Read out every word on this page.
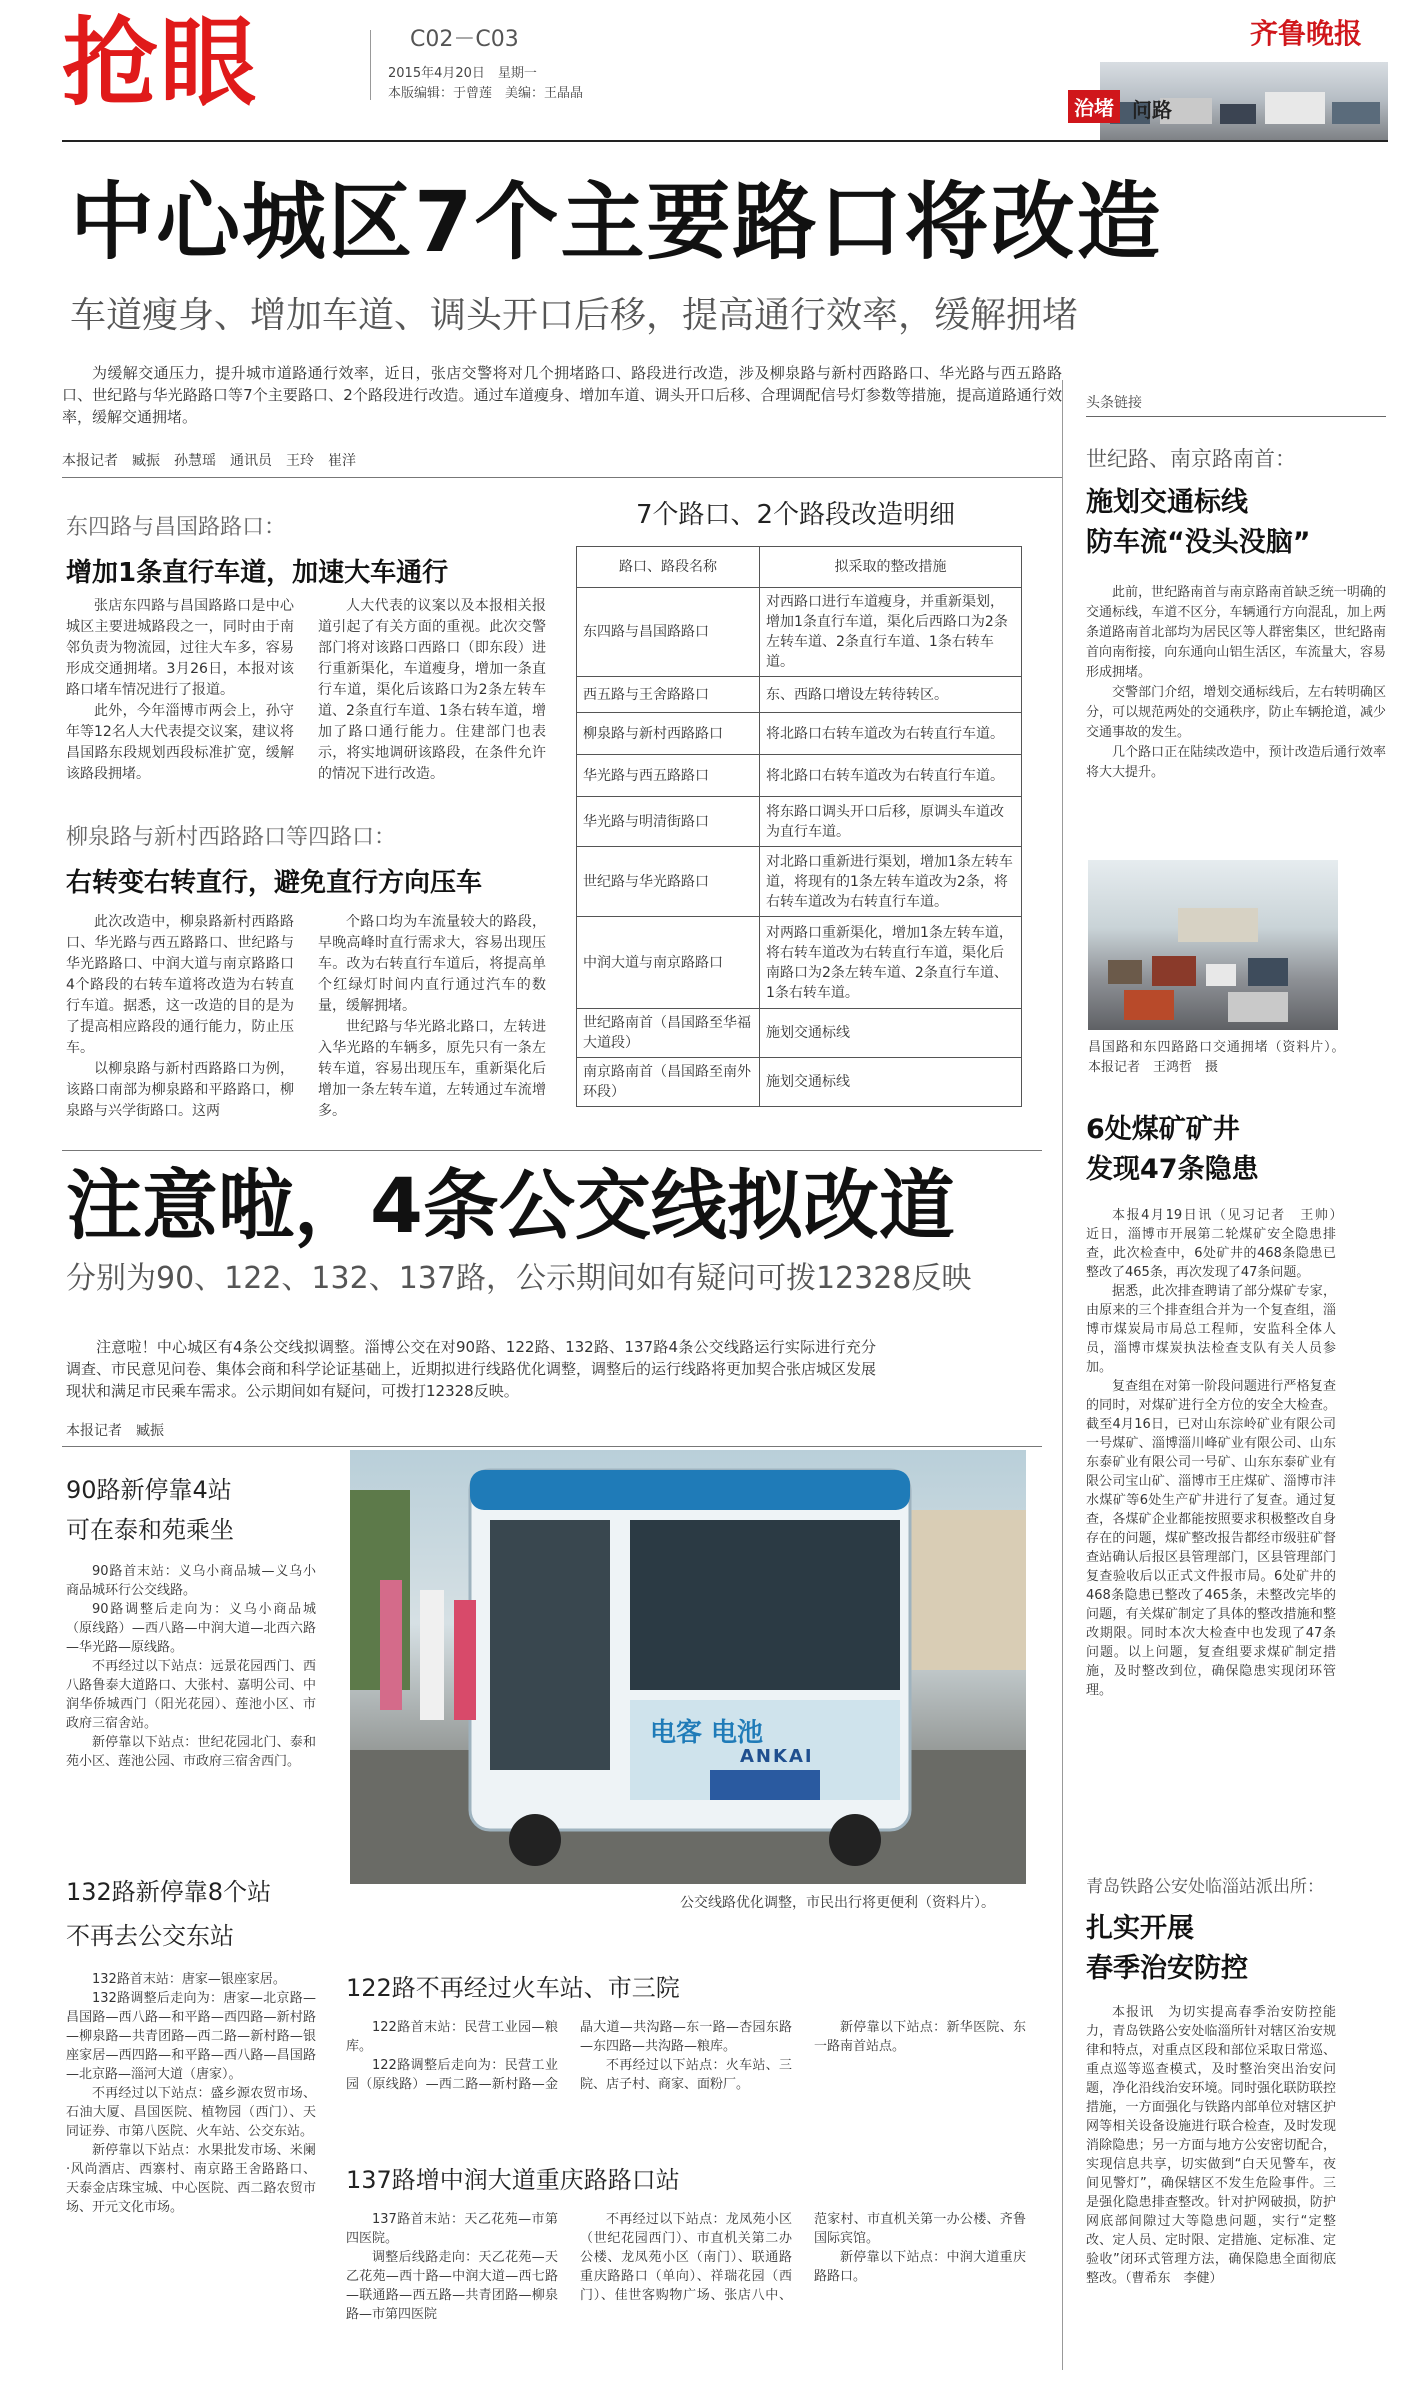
抢眼	C02－C03
2015年4月20日　星期一
本版编辑：于曾莲　美编：王晶晶
齐鲁晚报
治堵 问路
中心城区7个主要路口将改造
车道瘦身、增加车道、调头开口后移，提高通行效率，缓解拥堵

为缓解交通压力，提升城市道路通行效率，近日，张店交警将对几个拥堵路口、路段进行改造，涉及柳泉路与新村西路路口、华光路与西五路路口、世纪路与华光路路口等7个主要路口、2个路段进行改造。通过车道瘦身、增加车道、调头开口后移、合理调配信号灯参数等措施，提高道路通行效率，缓解交通拥堵。

本报记者　臧振　孙慧瑶　通讯员　王玲　崔洋
东四路与昌国路路口：
增加1条直行车道，加速大车通行

张店东四路与昌国路路口是中心城区主要进城路段之一，同时由于南邻负责为物流园，过往大车多，容易形成交通拥堵。3月26日，本报对该路口堵车情况进行了报道。

此外，今年淄博市两会上，孙守年等12名人大代表提交议案，建议将昌国路东段规划西段标准扩宽，缓解该路段拥堵。

人大代表的议案以及本报相关报道引起了有关方面的重视。此次交警部门将对该路口西路口（即东段）进行重新渠化，车道瘦身，增加一条直行车道，渠化后该路口为2条左转车道、2条直行车道、1条右转车道，增加了路口通行能力。住建部门也表示，将实地调研该路段，在条件允许的情况下进行改造。

柳泉路与新村西路路口等四路口：
右转变右转直行，避免直行方向压车

此次改造中，柳泉路新村西路路口、华光路与西五路路口、世纪路与华光路路口、中润大道与南京路路口4个路段的右转车道将改造为右转直行车道。据悉，这一改造的目的是为了提高相应路段的通行能力，防止压车。

以柳泉路与新村西路路口为例，该路口南部为柳泉路和平路路口，柳泉路与兴学街路口。这两

个路口均为车流量较大的路段，早晚高峰时直行需求大，容易出现压车。改为右转直行车道后，将提高单个红绿灯时间内直行通过汽车的数量，缓解拥堵。

世纪路与华光路北路口，左转进入华光路的车辆多，原先只有一条左转车道，容易出现压车，重新渠化后增加一条左转车道，左转通过车流增多。

7个路口、2个路段改造明细
路口、路段名称	拟采取的整改措施
东四路与昌国路路口	对西路口进行车道瘦身，并重新渠划，增加1条直行车道，渠化后西路口为2条左转车道、2条直行车道、1条右转车道。
西五路与王舍路路口	东、西路口增设左转待转区。
柳泉路与新村西路路口	将北路口右转车道改为右转直行车道。
华光路与西五路路口	将北路口右转车道改为右转直行车道。
华光路与明清街路口	将东路口调头开口后移，原调头车道改为直行车道。
世纪路与华光路路口	对北路口重新进行渠划，增加1条左转车道，将现有的1条左转车道改为2条，将右转车道改为右转直行车道。
中润大道与南京路路口	对两路口重新渠化，增加1条左转车道，将右转车道改为右转直行车道，渠化后南路口为2条左转车道、2条直行车道、1条右转车道。
世纪路南首（昌国路至华福大道段）	施划交通标线
南京路南首（昌国路至南外环段）	施划交通标线
头条链接
世纪路、南京路南首：
施划交通标线
防车流“没头没脑”

此前，世纪路南首与南京路南首缺乏统一明确的交通标线，车道不区分，车辆通行方向混乱，加上两条道路南首北部均为居民区等人群密集区，世纪路南首向南衔接，向东通向山铝生活区，车流量大，容易形成拥堵。

交警部门介绍，增划交通标线后，左右转明确区分，可以规范两处的交通秩序，防止车辆抢道，减少交通事故的发生。

几个路口正在陆续改造中，预计改造后通行效率将大大提升。

昌国路和东四路路口交通拥堵（资料片）。　本报记者　王鸿哲　摄

6处煤矿矿井
发现47条隐患

本报4月19日讯（见习记者　王帅）　近日，淄博市开展第二轮煤矿安全隐患排查，此次检查中，6处矿井的468条隐患已整改了465条，再次发现了47条问题。

据悉，此次排查聘请了部分煤矿专家，由原来的三个排查组合并为一个复查组，淄博市煤炭局市局总工程师，安监科全体人员，淄博市煤炭执法检查支队有关人员参加。

复查组在对第一阶段问题进行严格复查的同时，对煤矿进行全方位的安全大检查。截至4月16日，已对山东淙岭矿业有限公司一号煤矿、淄博淄川峰矿业有限公司、山东东泰矿业有限公司一号矿、山东东泰矿业有限公司宝山矿、淄博市王庄煤矿、淄博市沣水煤矿等6处生产矿井进行了复查。通过复查，各煤矿企业都能按照要求积极整改自身存在的问题，煤矿整改报告都经市级驻矿督查站确认后报区县管理部门，区县管理部门复查验收后以正式文件报市局。6处矿井的468条隐患已整改了465条，未整改完毕的问题，有关煤矿制定了具体的整改措施和整改期限。同时本次大检查中也发现了47条问题。以上问题，复查组要求煤矿制定措施，及时整改到位，确保隐患实现闭环管理。

青岛铁路公安处临淄站派出所：
扎实开展
春季治安防控

本报讯　为切实提高春季治安防控能力，青岛铁路公安处临淄所针对辖区治安规律和特点，对重点区段和部位采取日常巡、重点巡等巡查模式，及时整治突出治安问题，净化沿线治安环境。同时强化联防联控措施，一方面强化与铁路内部单位对辖区护网等相关设备设施进行联合检查，及时发现消除隐患；另一方面与地方公安密切配合，实现信息共享，切实做到“白天见警车，夜间见警灯”，确保辖区不发生危险事件。三是强化隐患排查整改。针对护网破损，防护网底部间隙过大等隐患问题，实行“定整改、定人员、定时限、定措施、定标准、定验收”闭环式管理方法，确保隐患全面彻底整改。（曹希东　李健）

注意啦，4条公交线拟改道
分别为90、122、132、137路，公示期间如有疑问可拨12328反映

注意啦！中心城区有4条公交线拟调整。淄博公交在对90路、122路、132路、137路4条公交线路运行实际进行充分调查、市民意见问卷、集体会商和科学论证基础上，近期拟进行线路优化调整，调整后的运行线路将更加契合张店城区发展现状和满足市民乘车需求。公示期间如有疑问，可拨打12328反映。

本报记者　臧振
电客 电池
ANKAI
公交线路优化调整，市民出行将更便利（资料片）。
90路新停靠4站
可在泰和苑乘坐

90路首末站：义乌小商品城—义乌小商品城环行公交线路。

90路调整后走向为：义乌小商品城（原线路）—西八路—中润大道—北西六路—华光路—原线路。

不再经过以下站点：远景花园西门、西八路鲁泰大道路口、大张村、嘉明公司、中润华侨城西门（阳光花园）、莲池小区、市政府三宿舍站。

新停靠以下站点：世纪花园北门、泰和苑小区、莲池公园、市政府三宿舍西门。

132路新停靠8个站
不再去公交东站

132路首末站：唐家—银座家居。

132路调整后走向为：唐家—北京路—昌国路—西八路—和平路—西四路—新村路—柳泉路—共青团路—西二路—新村路—银座家居—西四路—和平路—西八路—昌国路—北京路—淄河大道（唐家）。

不再经过以下站点：盛乡源农贸市场、石油大厦、昌国医院、植物园（西门）、天同证券、市第八医院、火车站、公交东站。

新停靠以下站点：水果批发市场、米阑·风尚酒店、西寨村、南京路王舍路路口、天泰金店珠宝城、中心医院、西二路农贸市场、开元文化市场。

122路不再经过火车站、市三院

122路首末站：民营工业园—粮库。

122路调整后走向为：民营工业园（原线路）—西二路—新村路—金晶大道—共沟路—东一路—杏园东路—东四路—共沟路—粮库。

不再经过以下站点：火车站、三院、店子村、商家、面粉厂。

新停靠以下站点：新华医院、东一路南首站点。

137路增中润大道重庆路路口站

137路首末站：天乙花苑—市第四医院。

调整后线路走向：天乙花苑—天乙花苑—西十路—中润大道—西七路—联通路—西五路—共青团路—柳泉路—市第四医院

不再经过以下站点：龙凤苑小区（世纪花园西门）、市直机关第二办公楼、龙凤苑小区（南门）、联通路重庆路路口（单向）、祥瑞花园（西门）、佳世客购物广场、张店八中、范家村、市直机关第一办公楼、齐鲁国际宾馆。

新停靠以下站点：中润大道重庆路路口。
